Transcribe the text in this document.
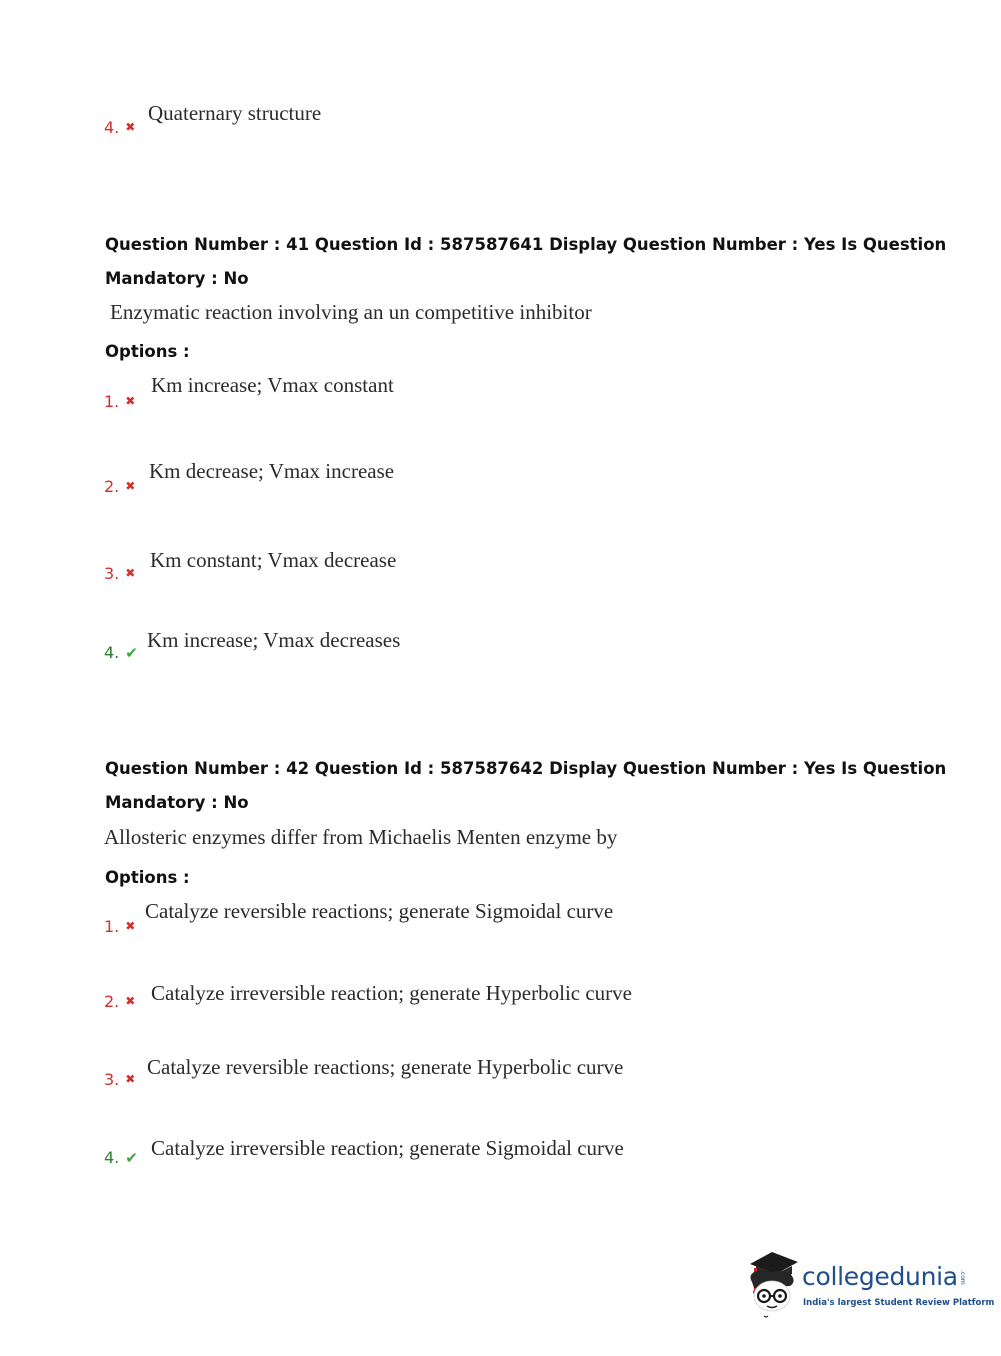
4. ✖
Quaternary structure
Question Number : 41 Question Id : 587587641 Display Question Number : Yes Is Question
Mandatory : No
Enzymatic reaction involving an un competitive inhibitor
Options :
1. ✖
Km increase; Vmax constant
2. ✖
Km decrease; Vmax increase
3. ✖
Km constant; Vmax decrease
4. ✔
Km increase; Vmax decreases
Question Number : 42 Question Id : 587587642 Display Question Number : Yes Is Question
Mandatory : No
Allosteric enzymes differ from Michaelis Menten enzyme by
Options :
1. ✖
Catalyze reversible reactions; generate Sigmoidal curve
2. ✖ Catalyze irreversible reaction; generate Hyperbolic curve
3. ✖ Catalyze reversible reactions; generate Hyperbolic curve
4. ✔ Catalyze irreversible reaction; generate Sigmoidal curve
collegedunia .com
India's largest Student Review Platform
